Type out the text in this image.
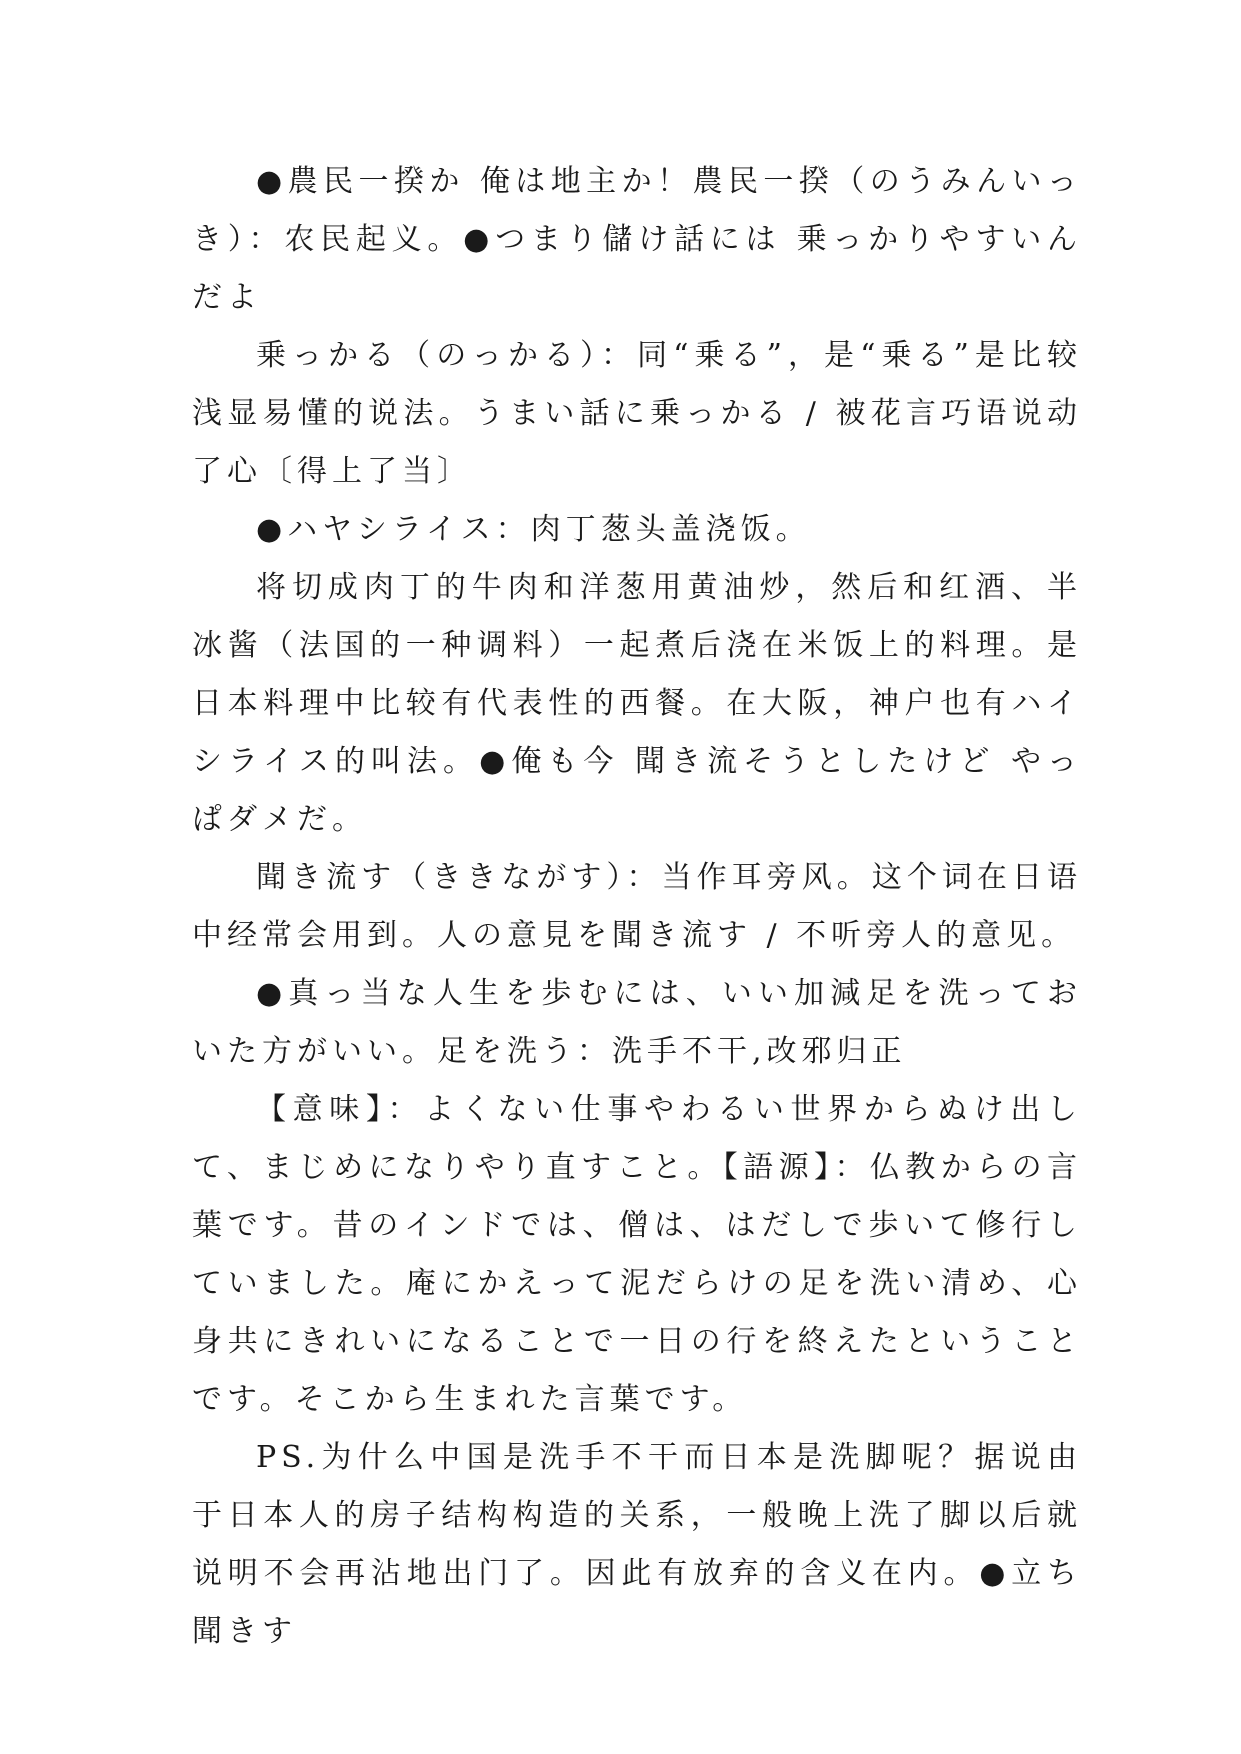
●農民一揆か 俺は地主か！農民一揆（のうみんいっき）：农民起义。●つまり儲け話には 乗っかりやすいんだよ

乗っかる（のっかる）：同“乗る”，是“乗る”是比较浅显易懂的说法。うまい話に乗っかる / 被花言巧语说动了心〔得上了当〕

●ハヤシライス：肉丁葱头盖浇饭。

将切成肉丁的牛肉和洋葱用黄油炒，然后和红酒、半冰酱（法国的一种调料）一起煮后浇在米饭上的料理。是日本料理中比较有代表性的西餐。在大阪，神户也有ハイシライス的叫法。●俺も今 聞き流そうとしたけど やっぱダメだ。

聞き流す（ききながす）：当作耳旁风。这个词在日语中经常会用到。人の意見を聞き流す / 不听旁人的意见。

●真っ当な人生を歩むには、いい加減足を洗っておいた方がいい。足を洗う：洗手不干,改邪归正

【意味】：よくない仕事やわるい世界からぬけ出して、まじめになりやり直すこと。【語源】：仏教からの言葉です。昔のインドでは、僧は、はだしで歩いて修行していました。庵にかえって泥だらけの足を洗い清め、心身共にきれいになることで一日の行を終えたということです。そこから生まれた言葉です。

PS.为什么中国是洗手不干而日本是洗脚呢？据说由于日本人的房子结构构造的关系，一般晚上洗了脚以后就说明不会再沾地出门了。因此有放弃的含义在内。●立ち聞きす
